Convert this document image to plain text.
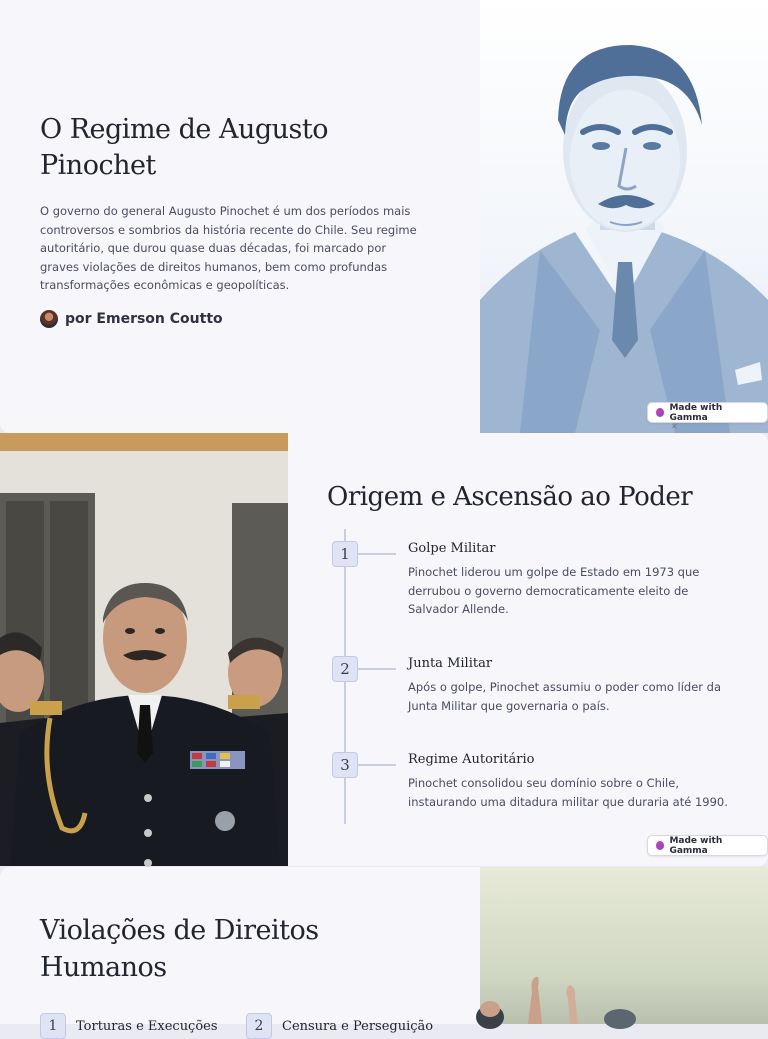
O Regime de Augusto Pinochet

O governo do general Augusto Pinochet é um dos períodos mais controversos e sombrios da história recente do Chile. Seu regime autoritário, que durou quase duas décadas, foi marcado por graves violações de direitos humanos, bem como profundas transformações econômicas e geopolíticas.

por Emerson Coutto
Made with Gamma
✕
Origem e Ascensão ao Poder
1	Golpe Militar
Pinochet liderou um golpe de Estado em 1973 que derrubou o governo democraticamente eleito de Salvador Allende.
2	Junta Militar
Após o golpe, Pinochet assumiu o poder como líder da Junta Militar que governaria o país.
3	Regime Autoritário
Pinochet consolidou seu domínio sobre o Chile, instaurando uma ditadura militar que duraria até 1990.
Made with Gamma
Violações de Direitos Humanos
1	Torturas e Execuções	2	Censura e Perseguição
